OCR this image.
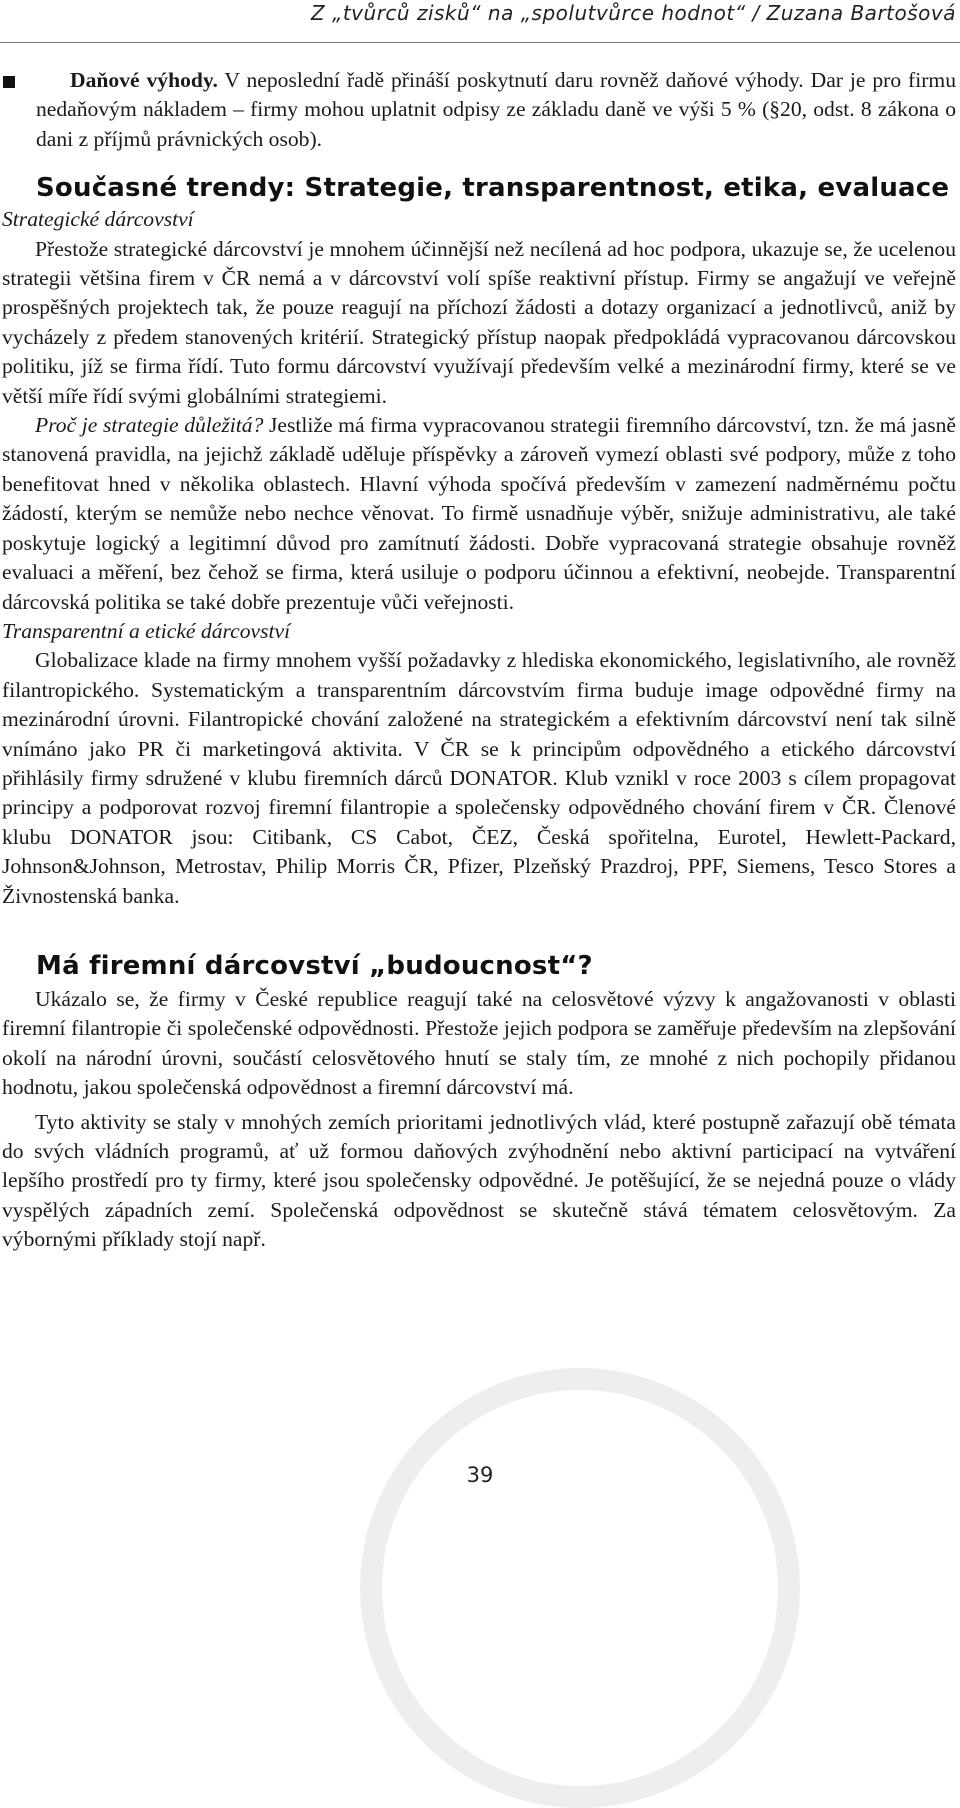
Z „tvůrců zisků“ na „spolutvůrce hodnot“ / Zuzana Bartošová

Daňové výhody. V neposlední řadě přináší poskytnutí daru rovněž daňové výhody. Dar je pro firmu nedaňovým nákladem – firmy mohou uplatnit odpisy ze základu daně ve výši 5 % (§20, odst. 8 zákona o dani z příjmů právnických osob).

Současné trendy: Strategie, transparentnost, etika, evaluace

Strategické dárcovství

Přestože strategické dárcovství je mnohem účinnější než necílená ad hoc podpora, ukazuje se, že ucelenou strategii většina firem v ČR nemá a v dárcovství volí spíše reaktivní přístup. Firmy se angažují ve veřejně prospěšných projektech tak, že pouze reagují na příchozí žádosti a dotazy organizací a jednotlivců, aniž by vycházely z předem stanovených kritérií. Strategický přístup naopak předpokládá vypracovanou dárcovskou politiku, jíž se firma řídí. Tuto formu dárcovství využívají především velké a mezinárodní firmy, které se ve větší míře řídí svými globálními strategiemi.

Proč je strategie důležitá? Jestliže má firma vypracovanou strategii firemního dárcovství, tzn. že má jasně stanovená pravidla, na jejichž základě uděluje příspěvky a zároveň vymezí oblasti své podpory, může z toho benefitovat hned v několika oblastech. Hlavní výhoda spočívá především v zamezení nadměrnému počtu žádostí, kterým se nemůže nebo nechce věnovat. To firmě usnadňuje výběr, snižuje administrativu, ale také poskytuje logický a legitimní důvod pro zamítnutí žádosti. Dobře vypracovaná strategie obsahuje rovněž evaluaci a měření, bez čehož se firma, která usiluje o podporu účinnou a efektivní, neobejde. Transparentní dárcovská politika se také dobře prezentuje vůči veřejnosti.

Transparentní a etické dárcovství

Globalizace klade na firmy mnohem vyšší požadavky z hlediska ekonomického, legislativního, ale rovněž filantropického. Systematickým a transparentním dárcovstvím firma buduje image odpovědné firmy na mezinárodní úrovni. Filantropické chování založené na strategickém a efektivním dárcovství není tak silně vnímáno jako PR či marketingová aktivita. V ČR se k principům odpovědného a etického dárcovství přihlásily firmy sdružené v klubu firemních dárců DONATOR. Klub vznikl v roce 2003 s cílem propagovat principy a podporovat rozvoj firemní filantropie a společensky odpovědného chování firem v ČR. Členové klubu DONATOR jsou: Citibank, CS Cabot, ČEZ, Česká spořitelna, Eurotel, Hewlett-Packard, Johnson&Johnson, Metrostav, Philip Morris ČR, Pfizer, Plzeňský Prazdroj, PPF, Siemens, Tesco Stores a Živnostenská banka.

Má firemní dárcovství „budoucnost“?

Ukázalo se, že firmy v České republice reagují také na celosvětové výzvy k angažovanosti v oblasti firemní filantropie či společenské odpovědnosti. Přestože jejich podpora se zaměřuje především na zlepšování okolí na národní úrovni, součástí celosvětového hnutí se staly tím, ze mnohé z nich pochopily přidanou hodnotu, jakou společenská odpovědnost a firemní dárcovství má.

Tyto aktivity se staly v mnohých zemích prioritami jednotlivých vlád, které postupně zařazují obě témata do svých vládních programů, ať už formou daňových zvýhodnění nebo aktivní participací na vytváření lepšího prostředí pro ty firmy, které jsou společensky odpovědné. Je potěšující, že se nejedná pouze o vlády vyspělých západních zemí. Společenská odpovědnost se skutečně stává tématem celosvětovým. Za výbornými příklady stojí např.

39
